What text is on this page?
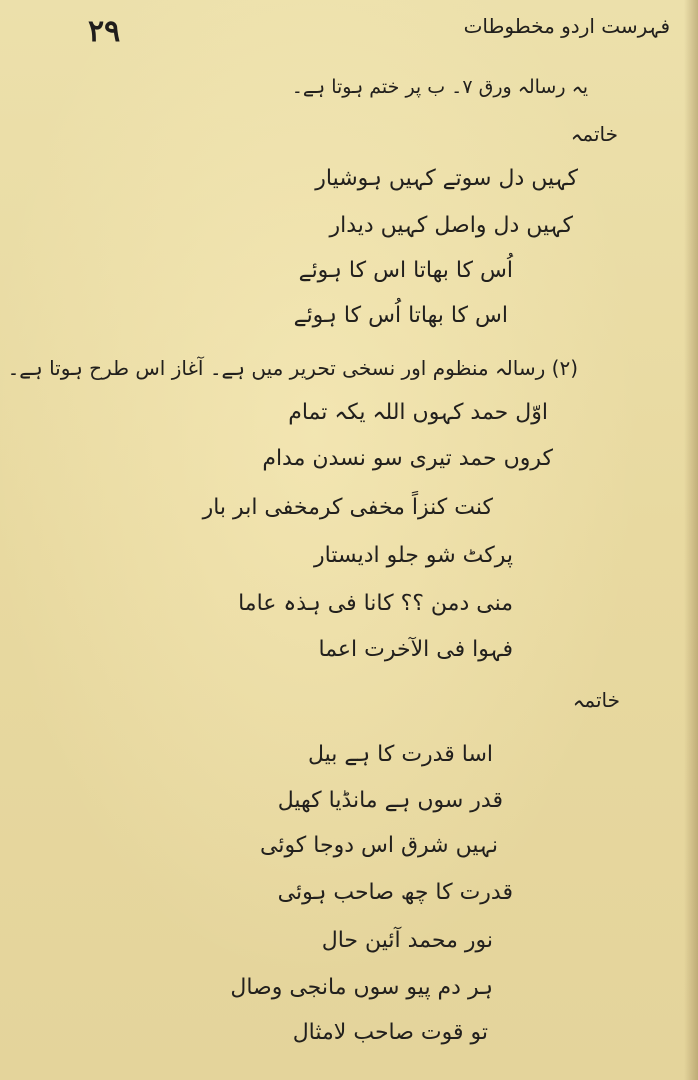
۲۹	فہرست اردو مخطوطات
یہ رسالہ ورق ۷۔ ب پر ختم ہوتا ہے۔
خاتمہ
کہیں دل سوتے کہیں ہوشیار
کہیں دل واصل کہیں دیدار
اُس کا بھاتا اس کا ہوئے
اس کا بھاتا اُس کا ہوئے
(۲) رسالہ منظوم اور نسخی تحریر میں ہے۔ آغاز اس طرح ہوتا ہے۔
اوّل حمد کہوں اللہ یکہ تمام
کروں حمد تیری سو نسدن مدام
کنت کنزاً مخفی کرمخفی ابر بار
پرکٹ شو جلو ادیستار
منی دمن ؟؟ کانا فی ہذہ عاما
فہوا فی الآخرت اعما
خاتمہ
اسا قدرت کا ہے بیل
قدر سوں ہے مانڈیا کھیل
نہیں شرق اس دوجا کوئی
قدرت کا چھ صاحب ہوئی
نور محمد آئین حال
ہر دم پیو سوں مانجی وصال
تو قوت صاحب لامثال
